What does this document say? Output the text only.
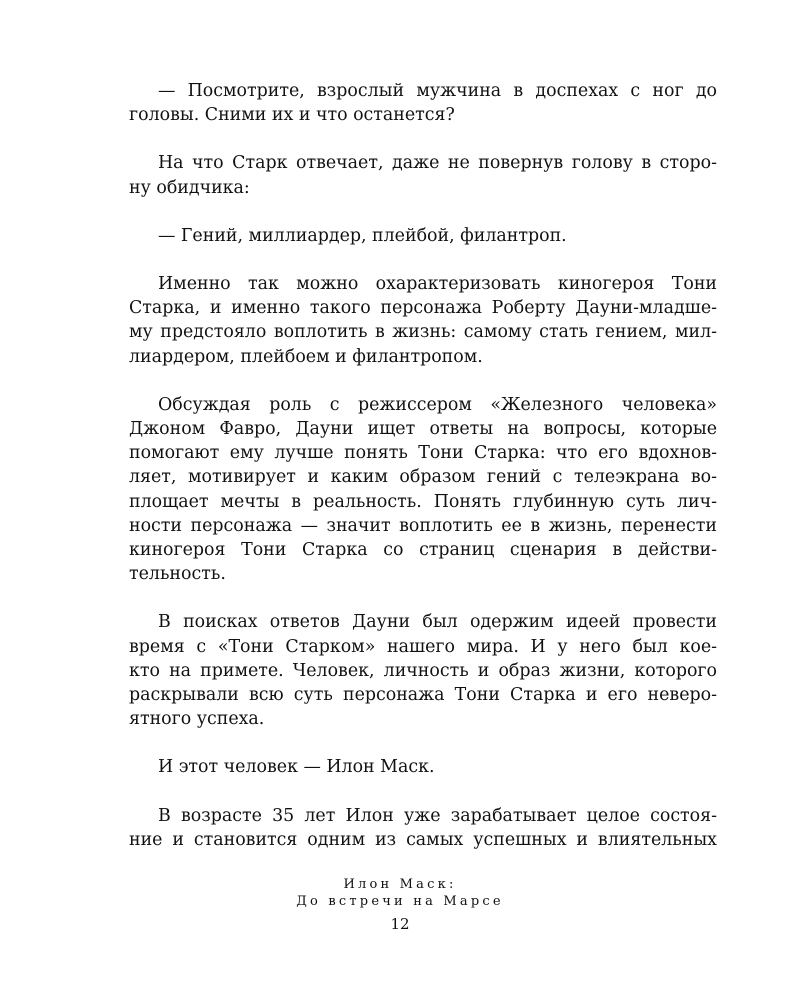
— Посмотрите, взрослый мужчина в доспехах с ног до
головы. Сними их и что останется?
На что Старк отвечает, даже не повернув голову в сторо-
ну обидчика:
— Гений, миллиардер, плейбой, филантроп.
Именно так можно охарактеризовать киногероя Тони
Старка, и именно такого персонажа Роберту Дауни-младше-
му предстояло воплотить в жизнь: самому стать гением, мил-
лиардером, плейбоем и филантропом.
Обсуждая роль с режиссером «Железного человека»
Джоном Фавро, Дауни ищет ответы на вопросы, которые
помогают ему лучше понять Тони Старка: что его вдохнов-
ляет, мотивирует и каким образом гений с телеэкрана во-
площает мечты в реальность. Понять глубинную суть лич-
ности персонажа — значит воплотить ее в жизнь, перенести
киногероя Тони Старка со страниц сценария в действи-
тельность.
В поисках ответов Дауни был одержим идеей провести
время с «Тони Старком» нашего мира. И у него был кое-
кто на примете. Человек, личность и образ жизни, которого
раскрывали всю суть персонажа Тони Старка и его неверо-
ятного успеха.
И этот человек — Илон Маск.
В возрасте 35 лет Илон уже зарабатывает целое состоя-
ние и становится одним из самых успешных и влиятельных
Илон Маск:
До встречи на Марсе
12
